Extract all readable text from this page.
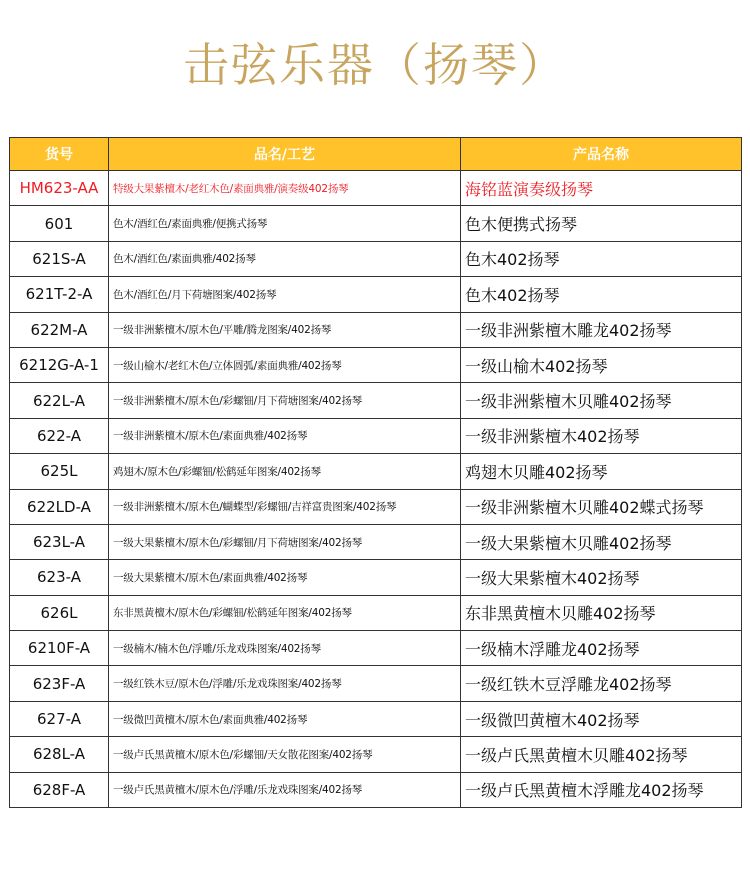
击弦乐器（扬琴）
货号	品名/工艺	产品名称
HM623-AA	特级大果紫檀木/老红木色/素面典雅/演奏级402扬琴	海铭蓝演奏级扬琴
601	色木/酒红色/素面典雅/便携式扬琴	色木便携式扬琴
621S-A	色木/酒红色/素面典雅/402扬琴	色木402扬琴
621T-2-A	色木/酒红色/月下荷塘图案/402扬琴	色木402扬琴
622M-A	一级非洲紫檀木/原木色/平雕/腾龙图案/402扬琴	一级非洲紫檀木雕龙402扬琴
6212G-A-1	一级山榆木/老红木色/立体圆弧/素面典雅/402扬琴	一级山榆木402扬琴
622L-A	一级非洲紫檀木/原木色/彩螺钿/月下荷塘图案/402扬琴	一级非洲紫檀木贝雕402扬琴
622-A	一级非洲紫檀木/原木色/素面典雅/402扬琴	一级非洲紫檀木402扬琴
625L	鸡翅木/原木色/彩螺钿/松鹤延年图案/402扬琴	鸡翅木贝雕402扬琴
622LD-A	一级非洲紫檀木/原木色/蝴蝶型/彩螺钿/吉祥富贵图案/402扬琴	一级非洲紫檀木贝雕402蝶式扬琴
623L-A	一级大果紫檀木/原木色/彩螺钿/月下荷塘图案/402扬琴	一级大果紫檀木贝雕402扬琴
623-A	一级大果紫檀木/原木色/素面典雅/402扬琴	一级大果紫檀木402扬琴
626L	东非黑黄檀木/原木色/彩螺钿/松鹤延年图案/402扬琴	东非黑黄檀木贝雕402扬琴
6210F-A	一级楠木/楠木色/浮雕/乐龙戏珠图案/402扬琴	一级楠木浮雕龙402扬琴
623F-A	一级红铁木豆/原木色/浮雕/乐龙戏珠图案/402扬琴	一级红铁木豆浮雕龙402扬琴
627-A	一级微凹黄檀木/原木色/素面典雅/402扬琴	一级微凹黄檀木402扬琴
628L-A	一级卢氏黑黄檀木/原木色/彩螺钿/天女散花图案/402扬琴	一级卢氏黑黄檀木贝雕402扬琴
628F-A	一级卢氏黑黄檀木/原木色/浮雕/乐龙戏珠图案/402扬琴	一级卢氏黑黄檀木浮雕龙402扬琴
